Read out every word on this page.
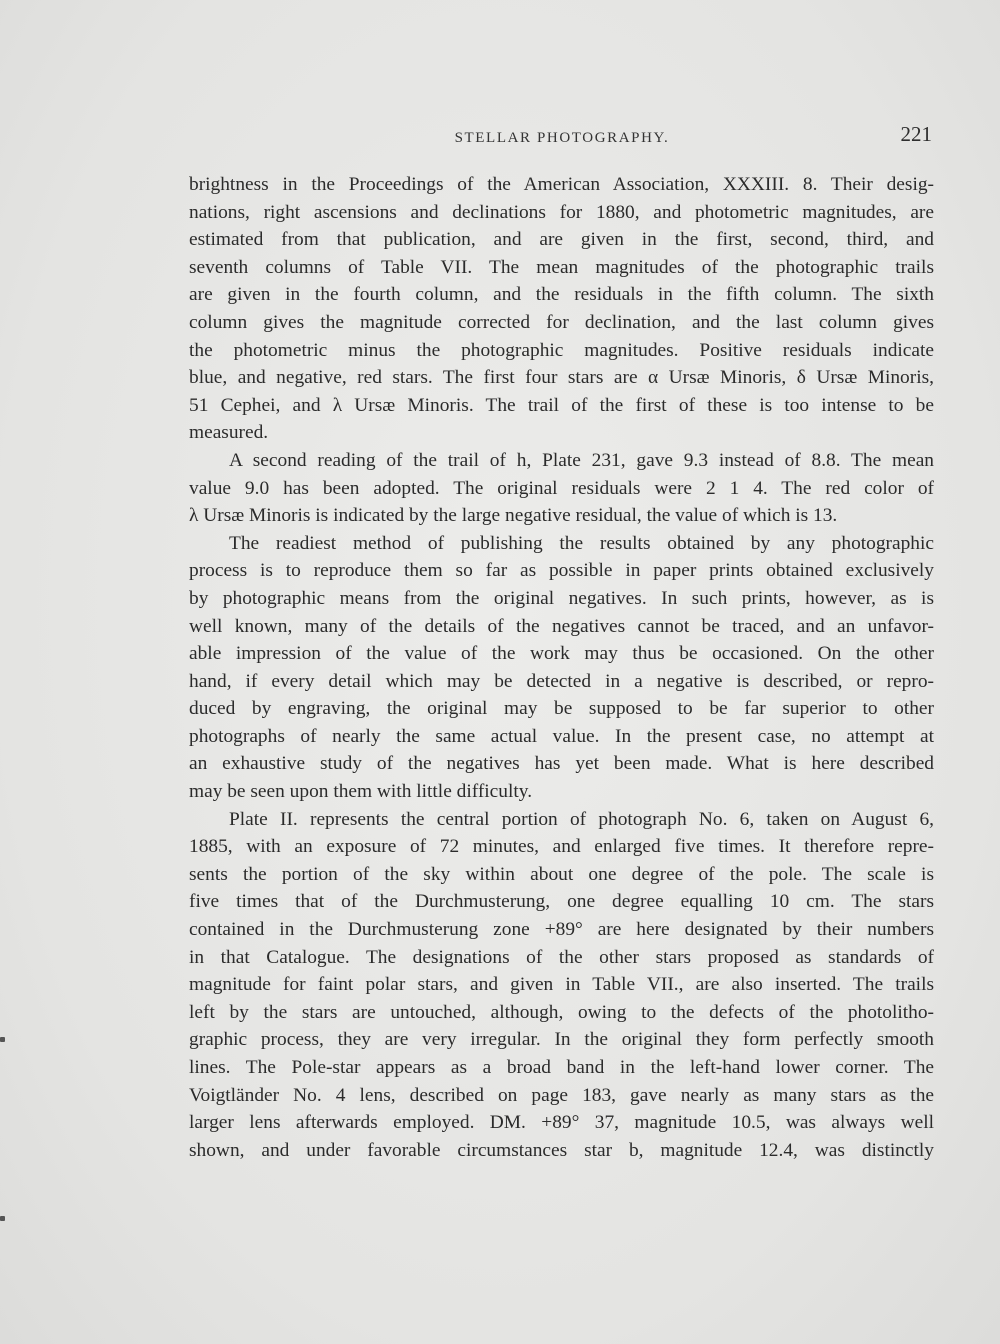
STELLAR PHOTOGRAPHY.	221
brightness in the Proceedings of the American Association, XXXIII. 8. Their desig-
nations, right ascensions and declinations for 1880, and photometric magnitudes, are
estimated from that publication, and are given in the first, second, third, and
seventh columns of Table VII. The mean magnitudes of the photographic trails
are given in the fourth column, and the residuals in the fifth column. The sixth
column gives the magnitude corrected for declination, and the last column gives
the photometric minus the photographic magnitudes. Positive residuals indicate
blue, and negative, red stars. The first four stars are α Ursæ Minoris, δ Ursæ Minoris,
51 Cephei, and λ Ursæ Minoris. The trail of the first of these is too intense to be
measured.
A second reading of the trail of h, Plate 231, gave 9.3 instead of 8.8. The mean
value 9.0 has been adopted. The original residuals were 2 1 4. The red color of
λ Ursæ Minoris is indicated by the large negative residual, the value of which is 13.
The readiest method of publishing the results obtained by any photographic
process is to reproduce them so far as possible in paper prints obtained exclusively
by photographic means from the original negatives. In such prints, however, as is
well known, many of the details of the negatives cannot be traced, and an unfavor-
able impression of the value of the work may thus be occasioned. On the other
hand, if every detail which may be detected in a negative is described, or repro-
duced by engraving, the original may be supposed to be far superior to other
photographs of nearly the same actual value. In the present case, no attempt at
an exhaustive study of the negatives has yet been made. What is here described
may be seen upon them with little difficulty.
Plate II. represents the central portion of photograph No. 6, taken on August 6,
1885, with an exposure of 72 minutes, and enlarged five times. It therefore repre-
sents the portion of the sky within about one degree of the pole. The scale is
five times that of the Durchmusterung, one degree equalling 10 cm. The stars
contained in the Durchmusterung zone +89° are here designated by their numbers
in that Catalogue. The designations of the other stars proposed as standards of
magnitude for faint polar stars, and given in Table VII., are also inserted. The trails
left by the stars are untouched, although, owing to the defects of the photolitho-
graphic process, they are very irregular. In the original they form perfectly smooth
lines. The Pole-star appears as a broad band in the left-hand lower corner. The
Voigtländer No. 4 lens, described on page 183, gave nearly as many stars as the
larger lens afterwards employed. DM. +89° 37, magnitude 10.5, was always well
shown, and under favorable circumstances star b, magnitude 12.4, was distinctly
